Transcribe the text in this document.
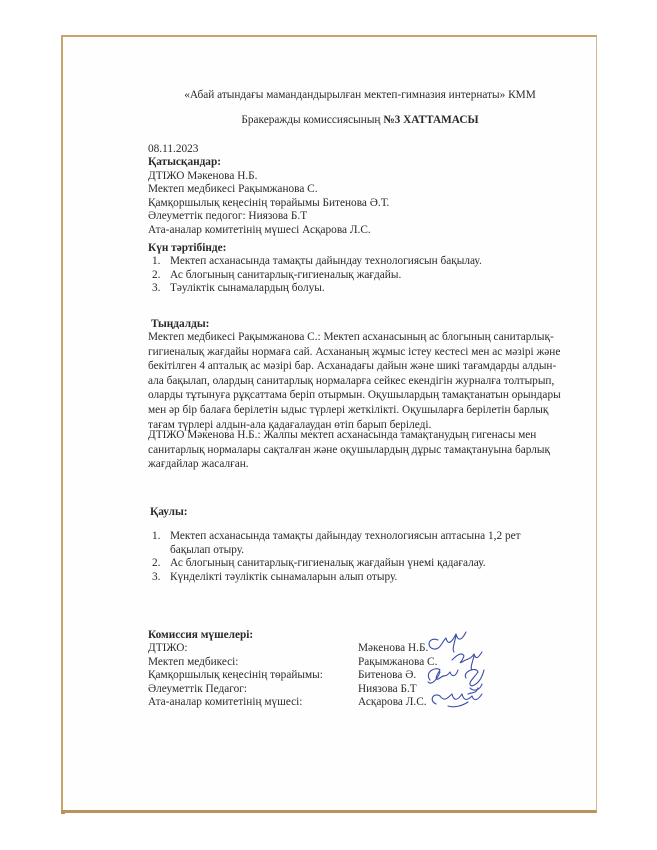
«Абай атындағы мамандандырылған мектеп-гимназия интернаты» КММ
Бракеражды комиссиясының №3 ХАТТАМАСЫ
08.11.2023
Қатысқандар:
ДТІЖО Мәкенова Н.Б.
Мектеп медбикесі Рақымжанова С.
Қамқоршылық кеңесінің төрайымы Битенова Ә.Т.
Әлеуметтік педогог: Ниязова Б.Т
Ата-аналар комитетінің мүшесі Асқарова Л.С.
Күн тәртібінде:
1. Мектеп асханасында тамақты дайындау технологиясын бақылау.
2. Ас блогының санитарлық-гигиеналық жағдайы.
3. Тәуліктік сынамалардың болуы.
Тыңдалды:
Мектеп медбикесі Рақымжанова С.: Мектеп асханасының ас блогының санитарлық-гигиеналық жағдайы нормаға сай. Асхананың жұмыс істеу кестесі мен ас мәзірі және бекітілген 4 апталық ас мәзірі бар. Асханадағы дайын және шикі тағамдарды алдын-ала бақылап, олардың санитарлық нормаларға сейкес екендігін журналға толтырып, оларды тұтынуға рұқсаттама беріп отырмын. Оқушылардың тамақтанатын орындары мен әр бір балаға берілетін ыдыс түрлері жеткілікті. Оқушыларға берілетін барлық тағам түрлері алдын-ала қадағалаудан өтіп барып беріледі.
ДТІЖО Мәкенова Н.Б.: Жалпы мектеп асханасында тамақтанудың гигенасы мен санитарлық нормалары сақталған және оқушылардың дұрыс тамақтануына барлық жағдайлар жасалған.
Қаулы:
1. Мектеп асханасында тамақты дайындау технологиясын аптасына 1,2 рет бақылап отыру.
2. Ас блогының санитарлық-гигиеналық жағдайын үнемі қадағалау.
3. Күнделікті тәуліктік сынамаларын алып отыру.
Комиссия мүшелері:
ДТІЖО:	Мәкенова Н.Б.
Мектеп медбикесі:	Рақымжанова С.
Қамқоршылық кеңесінің төрайымы:	Битенова Ә.
Әлеуметтік Педагог:	Ниязова Б.Т
Ата-аналар комитетінің мүшесі:	Асқарова Л.С.
